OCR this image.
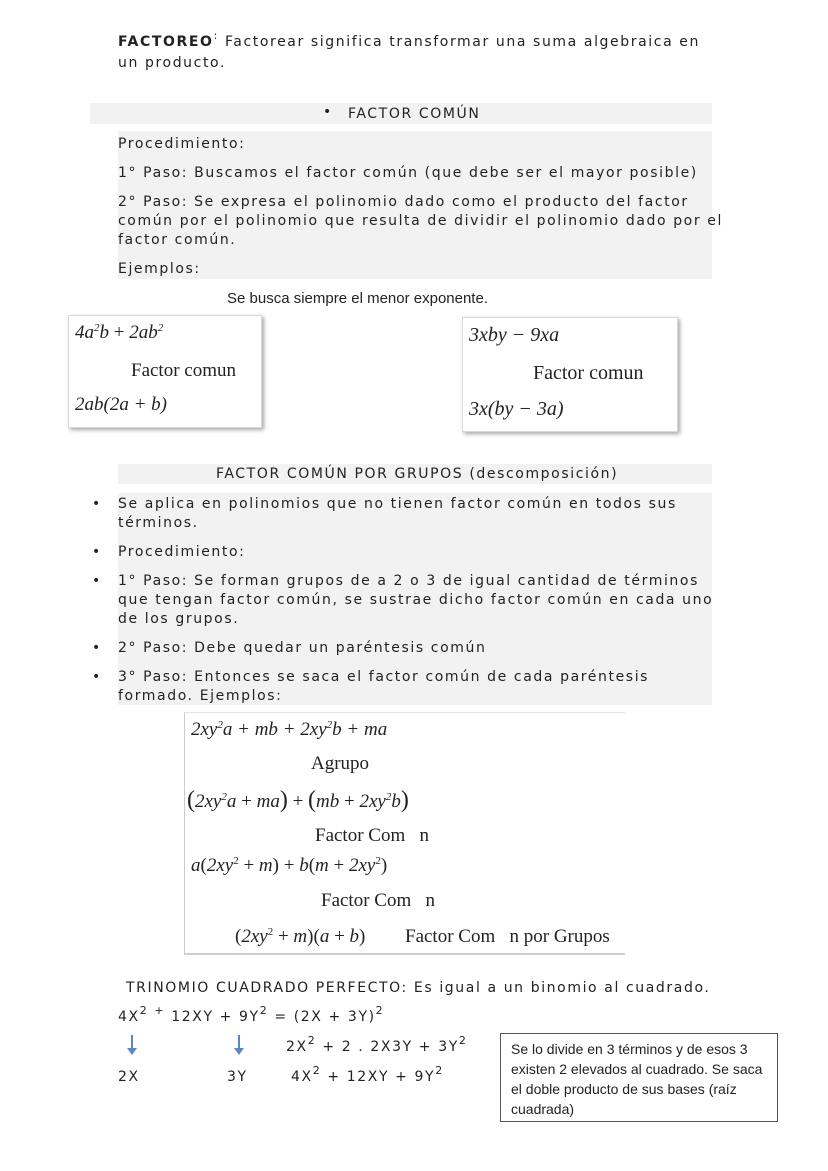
FACTOREO: Factorear significa transformar una suma algebraica en
un producto.
• FACTOR COMÚN
Procedimiento:
1° Paso: Buscamos el factor común (que debe ser el mayor posible)
2° Paso: Se expresa el polinomio dado como el producto del factor
común por el polinomio que resulta de dividir el polinomio dado por el
factor común.
Ejemplos:
Se busca siempre el menor exponente.
$4a^2b + 2ab^2$
Factor comun
2ab(2a + b)
3xby − 9xa
Factor comun
3x(by − 3a)
FACTOR COMÚN POR GRUPOS (descomposición)
• Se aplica en polinomios que no tienen factor común en todos sus
términos.
• Procedimiento:
• 1° Paso: Se forman grupos de a 2 o 3 de igual cantidad de términos
que tengan factor común, se sustrae dicho factor común en cada uno
de los grupos.
• 2° Paso: Debe quedar un paréntesis común
• 3° Paso: Entonces se saca el factor común de cada paréntesis
formado. Ejemplos:
$2xy^2a$ + mb + $2xy^2b$ + ma
Agrupo
$(2xy^2a + ma) + (mb + 2xy^2b)$
Factor Com   n
$a(2xy^2 + m) + b(m + 2xy^2)$
Factor Com   n
$(2xy^2 + m)(a + b)$ Factor Com   n por Grupos
TRINOMIO CUADRADO PERFECTO: Es igual a un binomio al cuadrado.
$4X^2$ + $12XY + 9Y^2 = (2X + 3Y)^2$
$2X^2 + 2$ . $2X3Y + 3Y^2$
2X	3Y	$4X^2 + 12XY + 9Y^2$
Se lo divide en 3 términos y de esos 3 existen 2 elevados al cuadrado. Se saca el doble producto de sus bases (raíz cuadrada)
